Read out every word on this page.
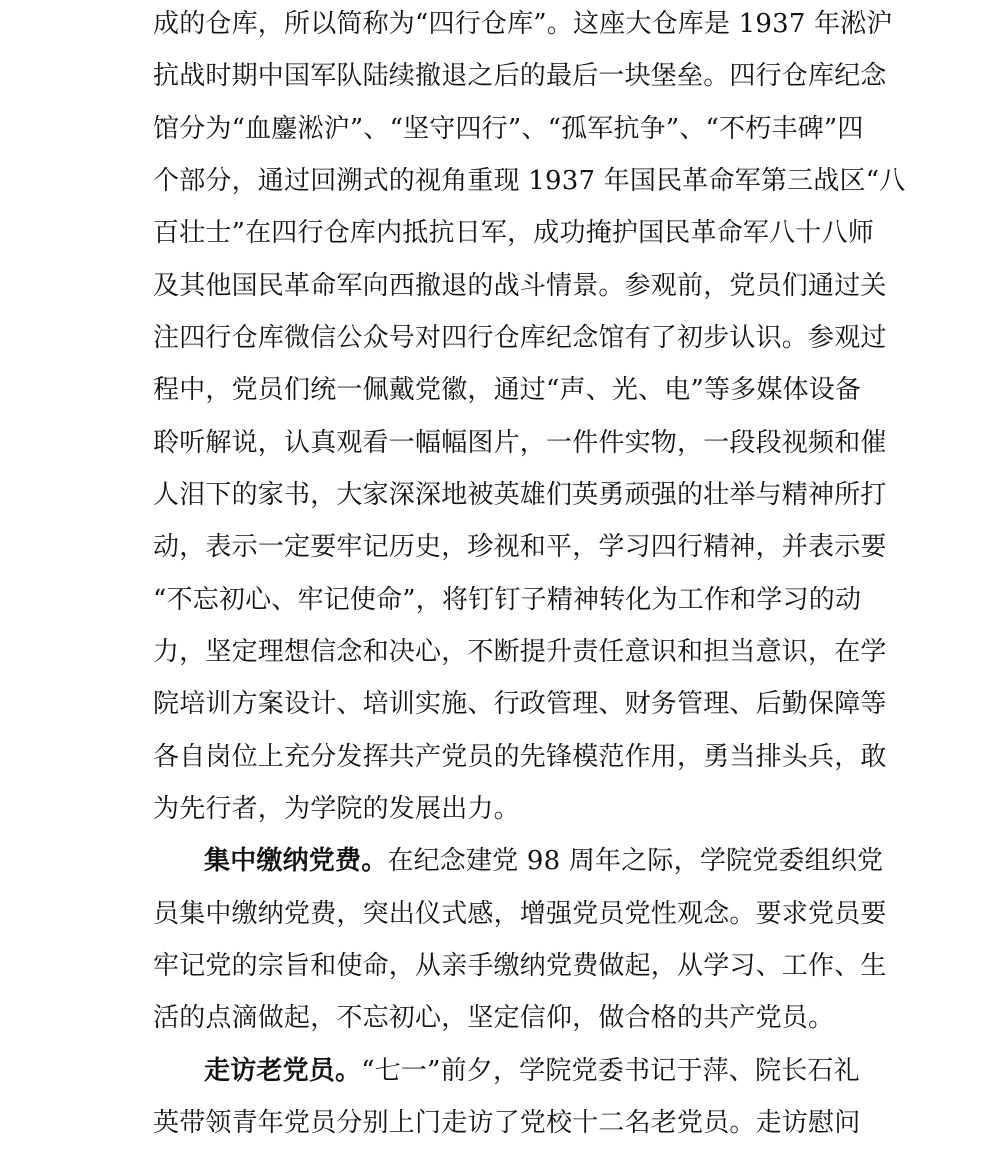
成的仓库，所以简称为“四行仓库”。这座大仓库是 1937 年淞沪
抗战时期中国军队陆续撤退之后的最后一块堡垒。四行仓库纪念
馆分为“血鏖淞沪”、“坚守四行”、“孤军抗争”、“不朽丰碑”四
个部分，通过回溯式的视角重现 1937 年国民革命军第三战区“八
百壮士”在四行仓库内抵抗日军，成功掩护国民革命军八十八师
及其他国民革命军向西撤退的战斗情景。参观前，党员们通过关
注四行仓库微信公众号对四行仓库纪念馆有了初步认识。参观过
程中，党员们统一佩戴党徽，通过“声、光、电”等多媒体设备
聆听解说，认真观看一幅幅图片，一件件实物，一段段视频和催
人泪下的家书，大家深深地被英雄们英勇顽强的壮举与精神所打
动，表示一定要牢记历史，珍视和平，学习四行精神，并表示要
“不忘初心、牢记使命”，将钉钉子精神转化为工作和学习的动
力，坚定理想信念和决心，不断提升责任意识和担当意识，在学
院培训方案设计、培训实施、行政管理、财务管理、后勤保障等
各自岗位上充分发挥共产党员的先锋模范作用，勇当排头兵，敢
为先行者，为学院的发展出力。
集中缴纳党费。在纪念建党 98 周年之际，学院党委组织党
员集中缴纳党费，突出仪式感，增强党员党性观念。要求党员要
牢记党的宗旨和使命，从亲手缴纳党费做起，从学习、工作、生
活的点滴做起，不忘初心，坚定信仰，做合格的共产党员。
走访老党员。“七一”前夕，学院党委书记于萍、院长石礼
英带领青年党员分别上门走访了党校十二名老党员。走访慰问
